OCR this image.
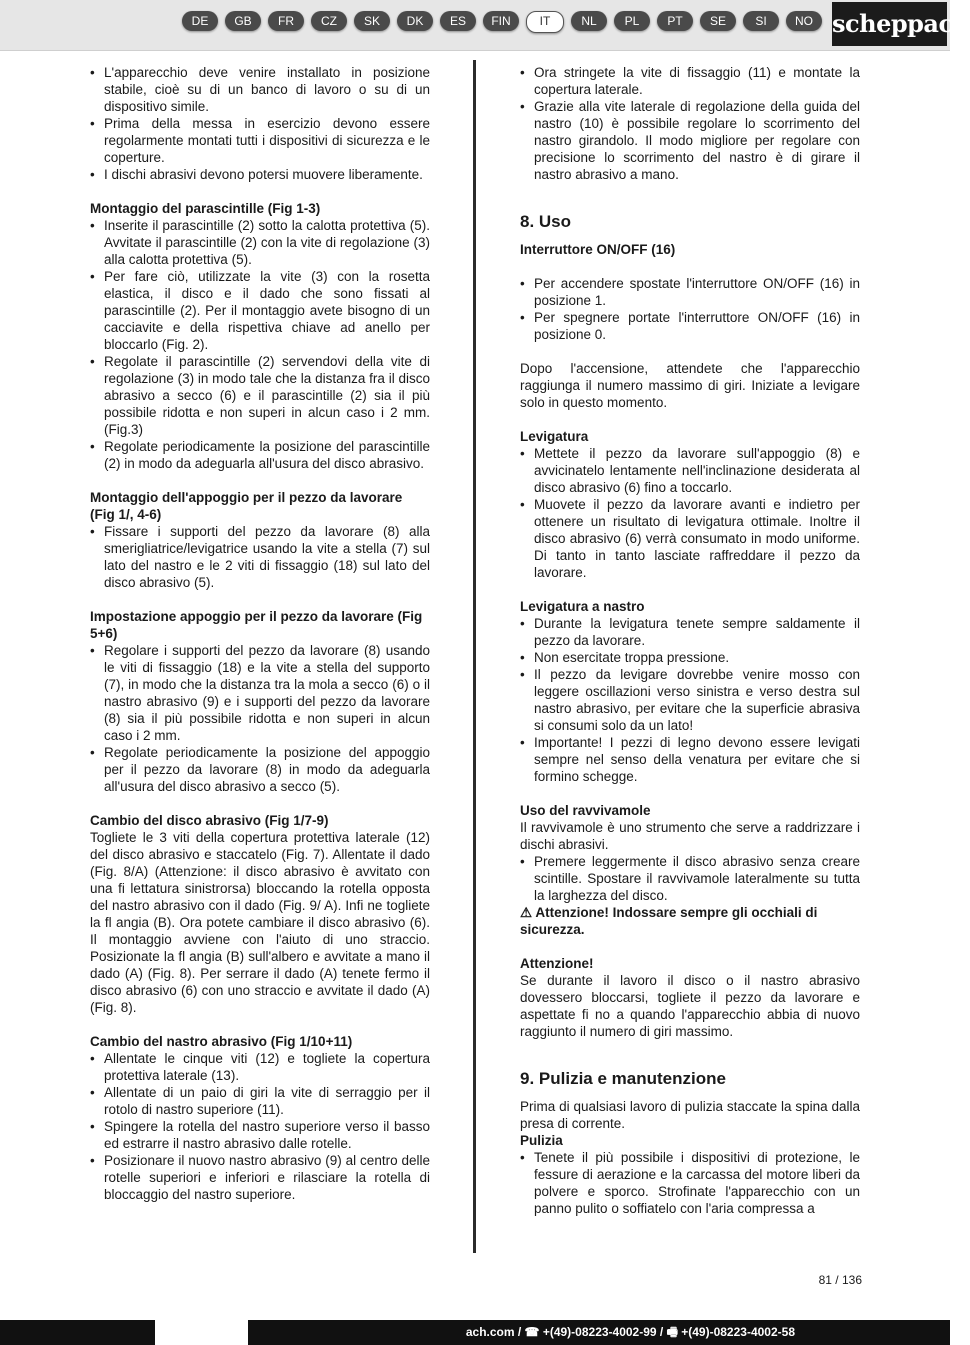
DE	GB	FR	CZ	SK	DK	ES	FIN	IT	NL	PL	PT	SE	SI	NO scheppach
• L'apparecchio deve venire installato in posizione stabile, cioè su di un banco di lavoro o su di un dispositivo simile.
• Prima della messa in esercizio devono essere regolarmente montati tutti i dispositivi di sicurezza e le coperture.
• I dischi abrasivi devono potersi muovere liberamente.
Montaggio del parascintille (Fig 1-3)
• Inserite il parascintille (2) sotto la calotta protettiva (5). Avvitate il parascintille (2) con la vite di regolazione (3) alla calotta protettiva (5).
• Per fare ciò, utilizzate la vite (3) con la rosetta elastica, il disco e il dado che sono fissati al parascintille (2). Per il montaggio avete bisogno di un cacciavite e della rispettiva chiave ad anello per bloccarlo (Fig. 2).
• Regolate il parascintille (2) servendovi della vite di regolazione (3) in modo tale che la distanza fra il disco abrasivo a secco (6) e il parascintille (2) sia il più possibile ridotta e non superi in alcun caso i 2 mm.(Fig.3)
• Regolate periodicamente la posizione del parascintille (2) in modo da adeguarla all'usura del disco abrasivo.
Montaggio dell'appoggio per il pezzo da lavorare (Fig 1/, 4-6)
• Fissare i supporti del pezzo da lavorare (8) alla smerigliatrice/levigatrice usando la vite a stella (7) sul lato del nastro e le 2 viti di fissaggio (18) sul lato del disco abrasivo (5).
Impostazione appoggio per il pezzo da lavorare (Fig 5+6)
• Regolare i supporti del pezzo da lavorare (8) usando le viti di fissaggio (18) e la vite a stella del supporto (7), in modo che la distanza tra la mola a secco (6) o il nastro abrasivo (9) e i supporti del pezzo da lavorare (8) sia il più possibile ridotta e non superi in alcun caso i 2 mm.
• Regolate periodicamente la posizione del appoggio per il pezzo da lavorare (8) in modo da adeguarla all'usura del disco abrasivo a secco (5).
Cambio del disco abrasivo (Fig 1/7-9)

Togliete le 3 viti della copertura protettiva laterale (12) del disco abrasivo e staccatelo (Fig. 7). Allentate il dado (Fig. 8/A) (Attenzione: il disco abrasivo è avvitato con una fi lettatura sinistrorsa) bloccando la rotella opposta del nastro abrasivo con il dado (Fig. 9/ A). Infi ne togliete la fl angia (B). Ora potete cambiare il disco abrasivo (6). Il montaggio avviene con l'aiuto di uno straccio. Posizionate la fl angia (B) sull'albero e avvitate a mano il dado (A) (Fig. 8). Per serrare il dado (A) tenete fermo il disco abrasivo (6) con uno straccio e avvitate il dado (A) (Fig. 8).

Cambio del nastro abrasivo (Fig 1/10+11)
• Allentate le cinque viti (12) e togliete la copertura protettiva laterale (13).
• Allentate di un paio di giri la vite di serraggio per il rotolo di nastro superiore (11).
• Spingere la rotella del nastro superiore verso il basso ed estrarre il nastro abrasivo dalle rotelle.
• Posizionare il nuovo nastro abrasivo (9) al centro delle rotelle superiori e inferiori e rilasciare la rotella di bloccaggio del nastro superiore.
• Ora stringete la vite di fissaggio (11) e montate la copertura laterale.
• Grazie alla vite laterale di regolazione della guida del nastro (10) è possibile regolare lo scorrimento del nastro girandolo. Il modo migliore per regolare con precisione lo scorrimento del nastro è di girare il nastro abrasivo a mano.
8. Uso
Interruttore ON/OFF (16)
• Per accendere spostate l'interruttore ON/OFF (16) in posizione 1.
• Per spegnere portate l'interruttore ON/OFF (16) in posizione 0.

Dopo l'accensione, attendete che l'apparecchio raggiunga il numero massimo di giri. Iniziate a levigare solo in questo momento.

Levigatura
• Mettete il pezzo da lavorare sull'appoggio (8) e avvicinatelo lentamente nell'inclinazione desiderata al disco abrasivo (6) fino a toccarlo.
• Muovete il pezzo da lavorare avanti e indietro per ottenere un risultato di levigatura ottimale. Inoltre il disco abrasivo (6) verrà consumato in modo uniforme. Di tanto in tanto lasciate raffreddare il pezzo da lavorare.
Levigatura a nastro
• Durante la levigatura tenete sempre saldamente il pezzo da lavorare.
• Non esercitate troppa pressione.
• Il pezzo da levigare dovrebbe venire mosso con leggere oscillazioni verso sinistra e verso destra sul nastro abrasivo, per evitare che la superficie abrasiva si consumi solo da un lato!
• Importante! I pezzi di legno devono essere levigati sempre nel senso della venatura per evitare che si formino schegge.
Uso del ravvivamole

Il ravvivamole è uno strumento che serve a raddrizzare i dischi abrasivi.

• Premere leggermente il disco abrasivo senza creare scintille. Spostare il ravvivamole lateralmente su tutta la larghezza del disco.
⚠ Attenzione! Indossare sempre gli occhiali di sicurezza.
Attenzione!

Se durante il lavoro il disco o il nastro abrasivo dovessero bloccarsi, togliete il pezzo da lavorare e aspettate fi no a quando l'apparecchio abbia di nuovo raggiunto il numero di giri massimo.

9. Pulizia e manutenzione

Prima di qualsiasi lavoro di pulizia staccate la spina dalla presa di corrente.

Pulizia
• Tenete il più possibile i dispositivi di protezione, le fessure di aerazione e la carcassa del motore liberi da polvere e sporco. Strofinate l'apparecchio con un panno pulito o soffiatelo con l'aria compressa a
81 / 136
ach.com / ☎ +(49)-08223-4002-99 / 🖷 +(49)-08223-4002-58
